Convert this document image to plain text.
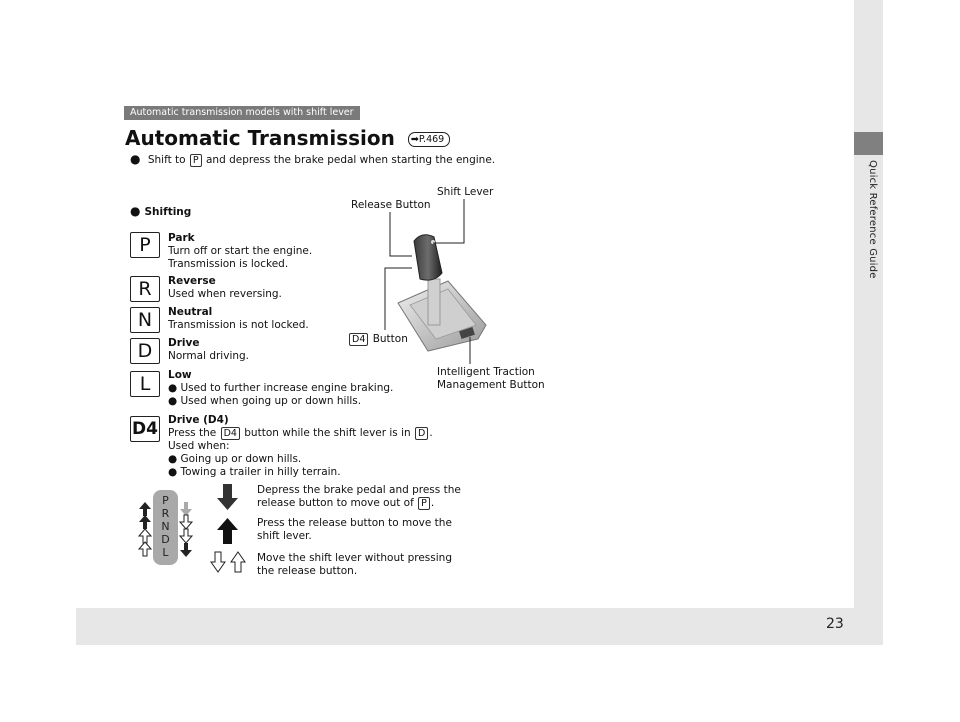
Quick Reference Guide
23
Automatic transmission models with shift lever
Automatic Transmission ➡P.469
● Shift to P and depress the brake pedal when starting the engine.
● Shifting
P	Park
Turn off or start the engine.
Transmission is locked.
R	Reverse
Used when reversing.
N	Neutral
Transmission is not locked.
D	Drive
Normal driving.
L	Low
● Used to further increase engine braking.
● Used when going up or down hills.
D4 Drive (D4)
Press the D4 button while the shift lever is in D .
Used when:
● Going up or down hills.
● Towing a trailer in hilly terrain.
Release Button
Shift Lever
D4 Button
Intelligent Traction
Management Button
P
R
N
D
L
Depress the brake pedal and press the
release button to move out of P .
Press the release button to move the
shift lever.
Move the shift lever without pressing
the release button.
